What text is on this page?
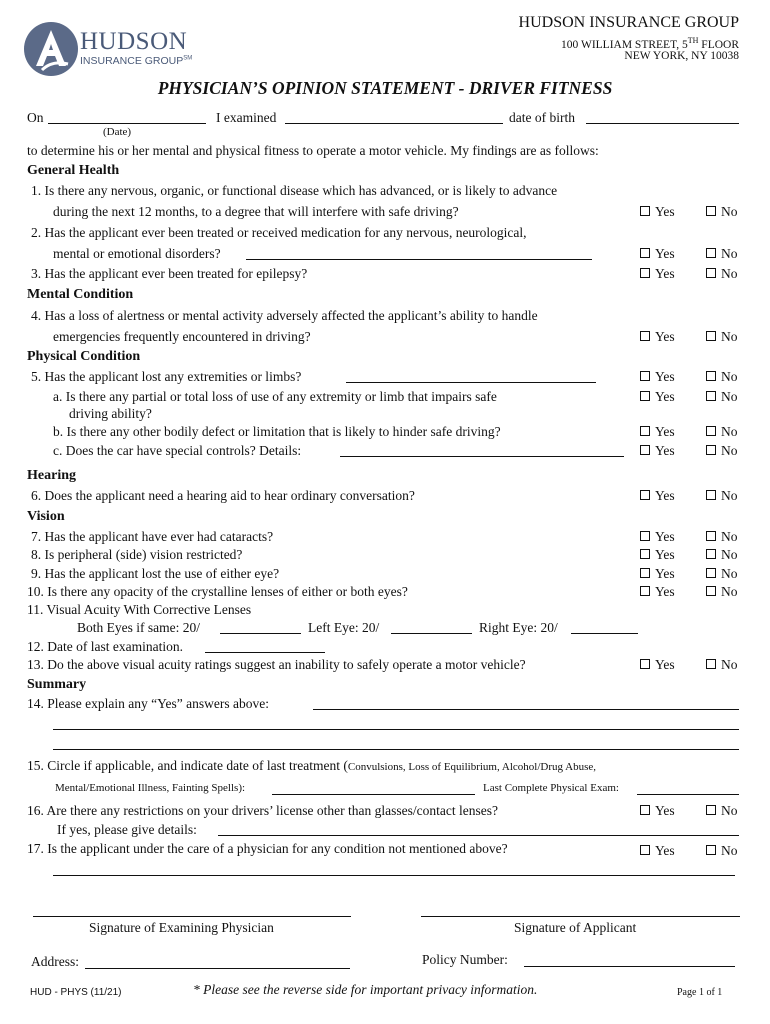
HUDSON
INSURANCE GROUP℠
HUDSON INSURANCE GROUP
100 WILLIAM STREET, 5TH FLOOR
NEW YORK, NY 10038
PHYSICIAN’S OPINION STATEMENT - DRIVER FITNESS
On	I examined	date of birth
(Date)
to determine his or her mental and physical fitness to operate a motor vehicle. My findings are as follows:
General Health
1. Is there any nervous, organic, or functional disease which has advanced, or is likely to advance
during the next 12 months, to a degree that will interfere with safe driving?	Yes	No
2. Has the applicant ever been treated or received medication for any nervous, neurological,
mental or emotional disorders?	Yes	No
3. Has the applicant ever been treated for epilepsy?	Yes	No
Mental Condition
4. Has a loss of alertness or mental activity adversely affected the applicant’s ability to handle
emergencies frequently encountered in driving?	Yes	No
Physical Condition
5. Has the applicant lost any extremities or limbs?	Yes	No
a. Is there any partial or total loss of use of any extremity or limb that impairs safe
driving ability?
Yes	No
b. Is there any other bodily defect or limitation that is likely to hinder safe driving?	Yes	No
c. Does the car have special controls? Details:	Yes	No
Hearing
6. Does the applicant need a hearing aid to hear ordinary conversation?	Yes	No
Vision
7. Has the applicant have ever had cataracts?	Yes	No
8. Is peripheral (side) vision restricted?	Yes	No
9. Has the applicant lost the use of either eye?	Yes	No
10. Is there any opacity of the crystalline lenses of either or both eyes?	Yes	No
11. Visual Acuity With Corrective Lenses
Both Eyes if same: 20/	Left Eye: 20/	Right Eye: 20/
12. Date of last examination.
13. Do the above visual acuity ratings suggest an inability to safely operate a motor vehicle?	Yes	No
Summary
14. Please explain any “Yes” answers above:
15. Circle if applicable, and indicate date of last treatment (Convulsions, Loss of Equilibrium, Alcohol/Drug Abuse,
Mental/Emotional Illness, Fainting Spells):	Last Complete Physical Exam:
16. Are there any restrictions on your drivers’ license other than glasses/contact lenses?	Yes	No
If yes, please give details:
17. Is the applicant under the care of a physician for any condition not mentioned above?	Yes	No
Signature of Examining Physician	Signature of Applicant
Address:	Policy Number:
HUD - PHYS (11/21)	* Please see the reverse side for important privacy information.	Page 1 of 1
